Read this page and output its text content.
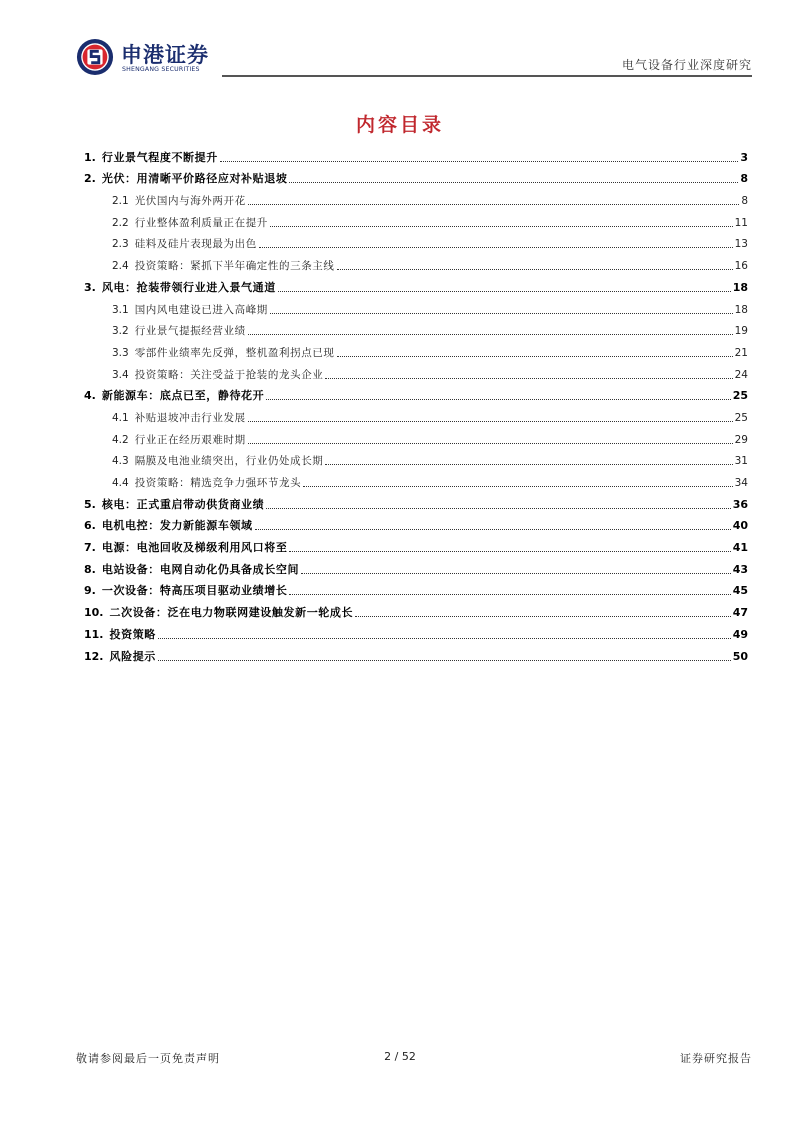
申港证券
SHENGANG SECURITIES	电气设备行业深度研究
内容目录
1. 行业景气程度不断提升	3
2. 光伏：用清晰平价路径应对补贴退坡	8
2.1 光伏国内与海外两开花	8
2.2 行业整体盈利质量正在提升	11
2.3 硅料及硅片表现最为出色	13
2.4 投资策略：紧抓下半年确定性的三条主线	16
3. 风电：抢装带领行业进入景气通道	18
3.1 国内风电建设已进入高峰期	18
3.2 行业景气提振经营业绩	19
3.3 零部件业绩率先反弹，整机盈利拐点已现	21
3.4 投资策略：关注受益于抢装的龙头企业	24
4. 新能源车：底点已至，静待花开	25
4.1 补贴退坡冲击行业发展	25
4.2 行业正在经历艰难时期	29
4.3 隔膜及电池业绩突出，行业仍处成长期	31
4.4 投资策略：精选竞争力强环节龙头	34
5. 核电：正式重启带动供货商业绩	36
6. 电机电控：发力新能源车领域	40
7. 电源：电池回收及梯级利用风口将至	41
8. 电站设备：电网自动化仍具备成长空间	43
9. 一次设备：特高压项目驱动业绩增长	45
10. 二次设备：泛在电力物联网建设触发新一轮成长	47
11. 投资策略	49
12. 风险提示	50
敬请参阅最后一页免责声明	2 / 52	证券研究报告
